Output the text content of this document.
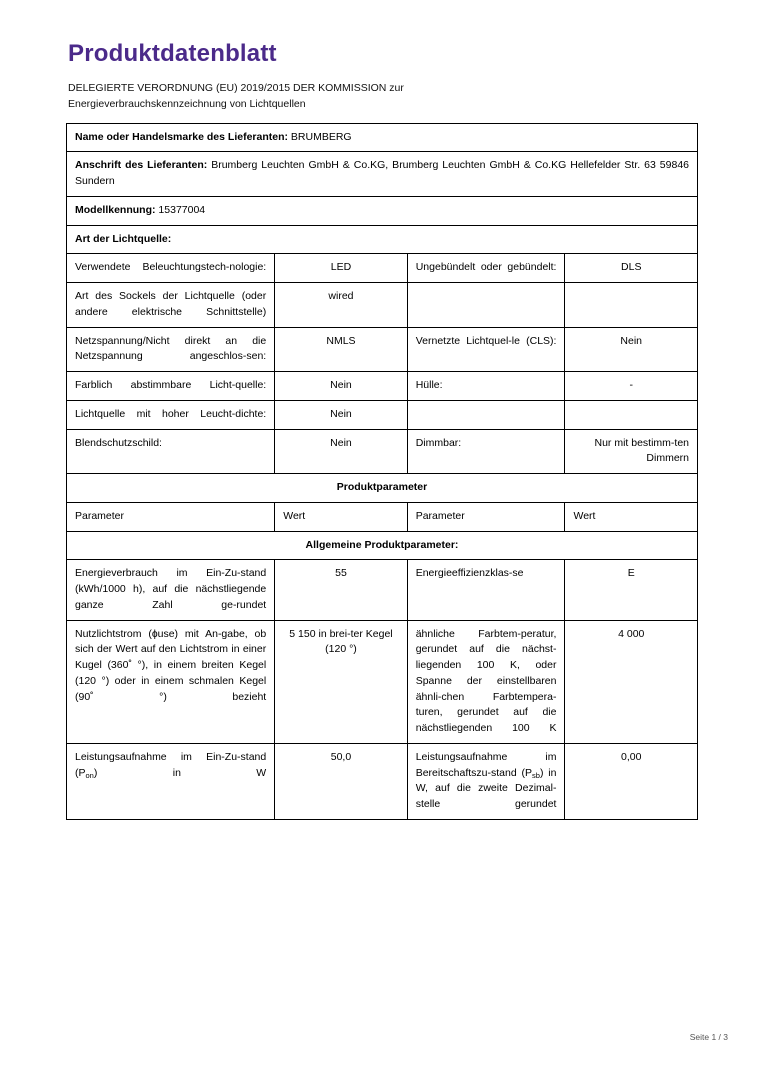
Produktdatenblatt
DELEGIERTE VERORDNUNG (EU) 2019/2015 DER KOMMISSION zur
Energieverbrauchskennzeichnung von Lichtquellen
Name oder Handelsmarke des Lieferanten: BRUMBERG			
Anschrift des Lieferanten: Brumberg Leuchten GmbH & Co.KG, Brumberg Leuchten GmbH & Co.KG Hellefelder Str. 63 59846 Sundern			
Modellkennung: 15377004			
Art der Lichtquelle:			
Verwendete Beleuchtungstech-nologie:	LED	Ungebündelt oder gebündelt:	DLS
Art des Sockels der Lichtquelle (oder andere elektrische Schnittstelle)	wired		
Netzspannung/Nicht direkt an die Netzspannung angeschlos-sen:	NMLS	Vernetzte Lichtquel-le (CLS):	Nein
Farblich abstimmbare Licht-quelle:	Nein	Hülle:	-
Lichtquelle mit hoher Leucht-dichte:	Nein		
Blendschutzschild:	Nein	Dimmbar:	Nur mit bestimm-ten Dimmern
Produktparameter			
Parameter	Wert	Parameter	Wert
Allgemeine Produktparameter:			
Energieverbrauch im Ein-Zu-stand (kWh/1000 h), auf die nächstliegende ganze Zahl ge-rundet	55	Energieeffizienzklas-se	E
Nutzlichtstrom (ɸuse) mit An-gabe, ob sich der Wert auf den Lichtstrom in einer Kugel (360˚ °), in einem breiten Kegel (120 °) oder in einem schmalen Kegel (90˚ °) bezieht	5 150 in brei-ter Kegel (120 °)	ähnliche Farbtem-peratur, gerundet auf die nächst-liegenden 100 K, oder Spanne der einstellbaren ähnli-chen Farbtempera-turen, gerundet auf die nächstliegenden 100 K	4 000
Leistungsaufnahme im Ein-Zu-stand $(P_{on})$ in W	50,0	Leistungsaufnahme im Bereitschaftszu-stand $(P_{sb})$ in W, auf die zweite Dezimal-stelle gerundet	0,00
Seite 1 / 3
